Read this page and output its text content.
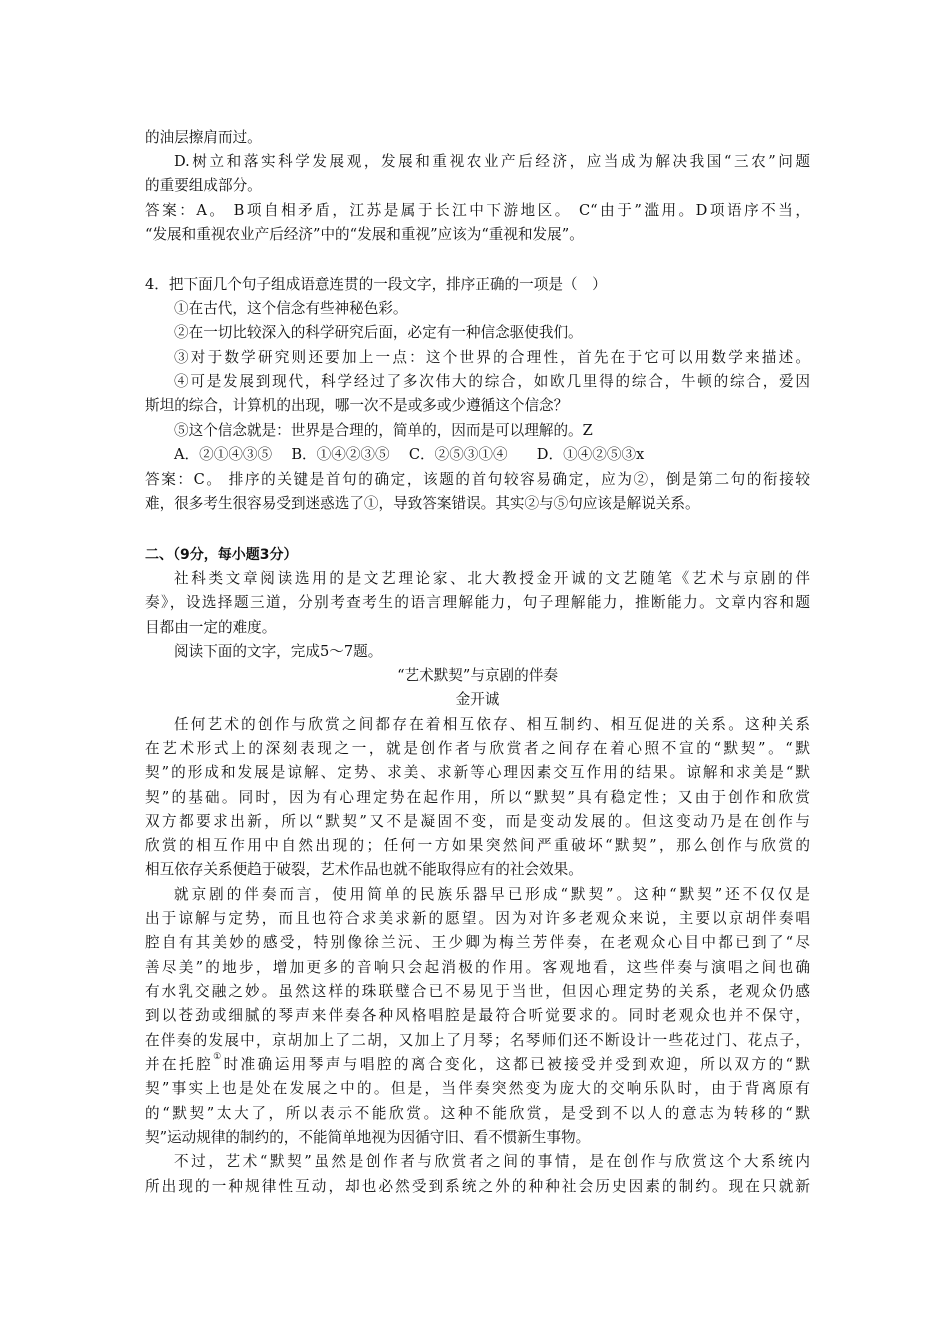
的油层擦肩而过。
D.树立和落实科学发展观，发展和重视农业产后经济，应当成为解决我国“三农”问题
的重要组成部分。
答案：A。 B项自相矛盾，江苏是属于长江中下游地区。 C“由于”滥用。D项语序不当，
“发展和重视农业产后经济”中的“发展和重视”应该为“重视和发展”。
4．把下面几个句子组成语意连贯的一段文字，排序正确的一项是（　）
①在古代，这个信念有些神秘色彩。
②在一切比较深入的科学研究后面，必定有一种信念驱使我们。
③对于数学研究则还要加上一点：这个世界的合理性，首先在于它可以用数学来描述。
④可是发展到现代，科学经过了多次伟大的综合，如欧几里得的综合，牛顿的综合，爱因
斯坦的综合，计算机的出现，哪一次不是或多或少遵循这个信念？
⑤这个信念就是：世界是合理的，简单的，因而是可以理解的。Z
A．②①④③⑤　 B．①④②③⑤　 C．②⑤③①④　　D．①④②⑤③x
答案：C。 排序的关键是首句的确定，该题的首句较容易确定，应为②，倒是第二句的衔接较
难，很多考生很容易受到迷惑选了①，导致答案错误。其实②与⑤句应该是解说关系。
二、（9分，每小题3分）
社科类文章阅读选用的是文艺理论家、北大教授金开诚的文艺随笔《艺术与京剧的伴
奏》，设选择题三道，分别考查考生的语言理解能力，句子理解能力，推断能力。文章内容和题
目都由一定的难度。
阅读下面的文字，完成5～7题。
“艺术默契”与京剧的伴奏
金开诚
任何艺术的创作与欣赏之间都存在着相互依存、相互制约、相互促进的关系。这种关系
在艺术形式上的深刻表现之一，就是创作者与欣赏者之间存在着心照不宣的“默契”。“默
契”的形成和发展是谅解、定势、求美、求新等心理因素交互作用的结果。谅解和求美是“默
契”的基础。同时，因为有心理定势在起作用，所以“默契”具有稳定性；又由于创作和欣赏
双方都要求出新，所以“默契”又不是凝固不变，而是变动发展的。但这变动乃是在创作与
欣赏的相互作用中自然出现的；任何一方如果突然间严重破坏“默契”，那么创作与欣赏的
相互依存关系便趋于破裂，艺术作品也就不能取得应有的社会效果。
就京剧的伴奏而言，使用简单的民族乐器早已形成“默契”。这种“默契”还不仅仅是
出于谅解与定势，而且也符合求美求新的愿望。因为对许多老观众来说，主要以京胡伴奏唱
腔自有其美妙的感受，特别像徐兰沅、王少卿为梅兰芳伴奏，在老观众心目中都已到了“尽
善尽美”的地步，增加更多的音响只会起消极的作用。客观地看，这些伴奏与演唱之间也确
有水乳交融之妙。虽然这样的珠联璧合已不易见于当世，但因心理定势的关系，老观众仍感
到以苍劲或细腻的琴声来伴奏各种风格唱腔是最符合听觉要求的。同时老观众也并不保守，
在伴奏的发展中，京胡加上了二胡，又加上了月琴；名琴师们还不断设计一些花过门、花点子，
并在托腔①时准确运用琴声与唱腔的离合变化，这都已被接受并受到欢迎，所以双方的“默
契”事实上也是处在发展之中的。但是，当伴奏突然变为庞大的交响乐队时，由于背离原有
的“默契”太大了，所以表示不能欣赏。这种不能欣赏，是受到不以人的意志为转移的“默
契”运动规律的制约的，不能简单地视为因循守旧、看不惯新生事物。
不过，艺术“默契”虽然是创作者与欣赏者之间的事情，是在创作与欣赏这个大系统内
所出现的一种规律性互动，却也必然受到系统之外的种种社会历史因素的制约。现在只就新
